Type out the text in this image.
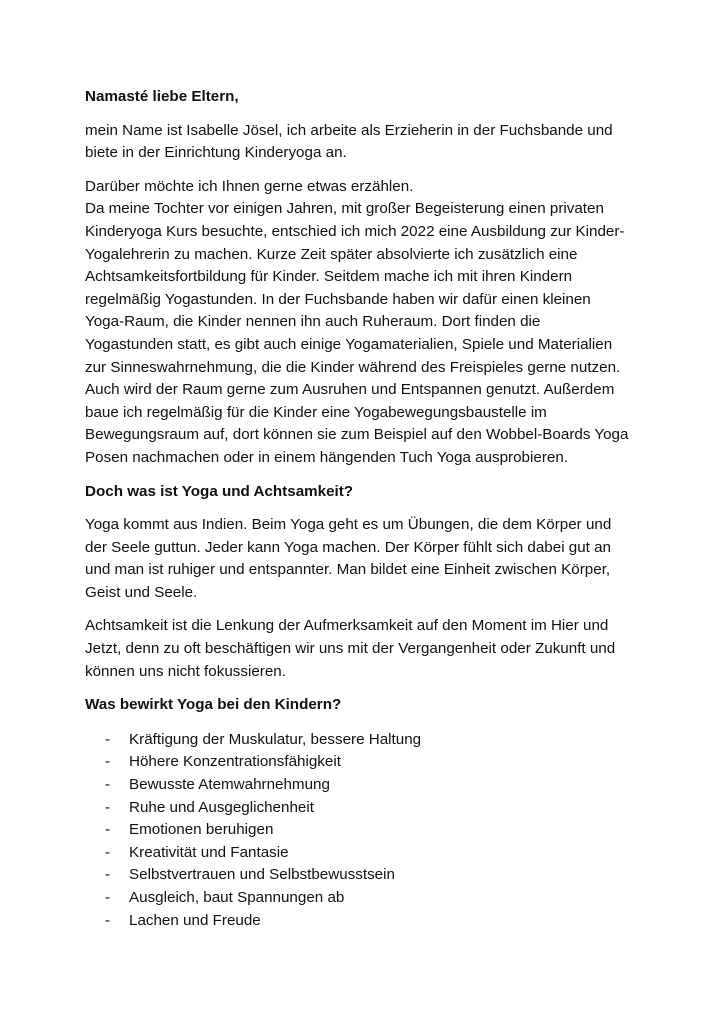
Namasté liebe Eltern,

mein Name ist Isabelle Jösel, ich arbeite als Erzieherin in der Fuchsbande und
biete in der Einrichtung Kinderyoga an.

Darüber möchte ich Ihnen gerne etwas erzählen.
Da meine Tochter vor einigen Jahren, mit großer Begeisterung einen privaten
Kinderyoga Kurs besuchte, entschied ich mich 2022 eine Ausbildung zur Kinder-
Yogalehrerin zu machen. Kurze Zeit später absolvierte ich zusätzlich eine
Achtsamkeitsfortbildung für Kinder. Seitdem mache ich mit ihren Kindern
regelmäßig Yogastunden. In der Fuchsbande haben wir dafür einen kleinen
Yoga-Raum, die Kinder nennen ihn auch Ruheraum. Dort finden die
Yogastunden statt, es gibt auch einige Yogamaterialien, Spiele und Materialien
zur Sinneswahrnehmung, die die Kinder während des Freispieles gerne nutzen.
Auch wird der Raum gerne zum Ausruhen und Entspannen genutzt. Außerdem
baue ich regelmäßig für die Kinder eine Yogabewegungsbaustelle im
Bewegungsraum auf, dort können sie zum Beispiel auf den Wobbel-Boards Yoga
Posen nachmachen oder in einem hängenden Tuch Yoga ausprobieren.

Doch was ist Yoga und Achtsamkeit?

Yoga kommt aus Indien. Beim Yoga geht es um Übungen, die dem Körper und
der Seele guttun. Jeder kann Yoga machen. Der Körper fühlt sich dabei gut an
und man ist ruhiger und entspannter. Man bildet eine Einheit zwischen Körper,
Geist und Seele.

Achtsamkeit ist die Lenkung der Aufmerksamkeit auf den Moment im Hier und
Jetzt, denn zu oft beschäftigen wir uns mit der Vergangenheit oder Zukunft und
können uns nicht fokussieren.

Was bewirkt Yoga bei den Kindern?
- Kräftigung der Muskulatur, bessere Haltung
- Höhere Konzentrationsfähigkeit
- Bewusste Atemwahrnehmung
- Ruhe und Ausgeglichenheit
- Emotionen beruhigen
- Kreativität und Fantasie
- Selbstvertrauen und Selbstbewusstsein
- Ausgleich, baut Spannungen ab
- Lachen und Freude
